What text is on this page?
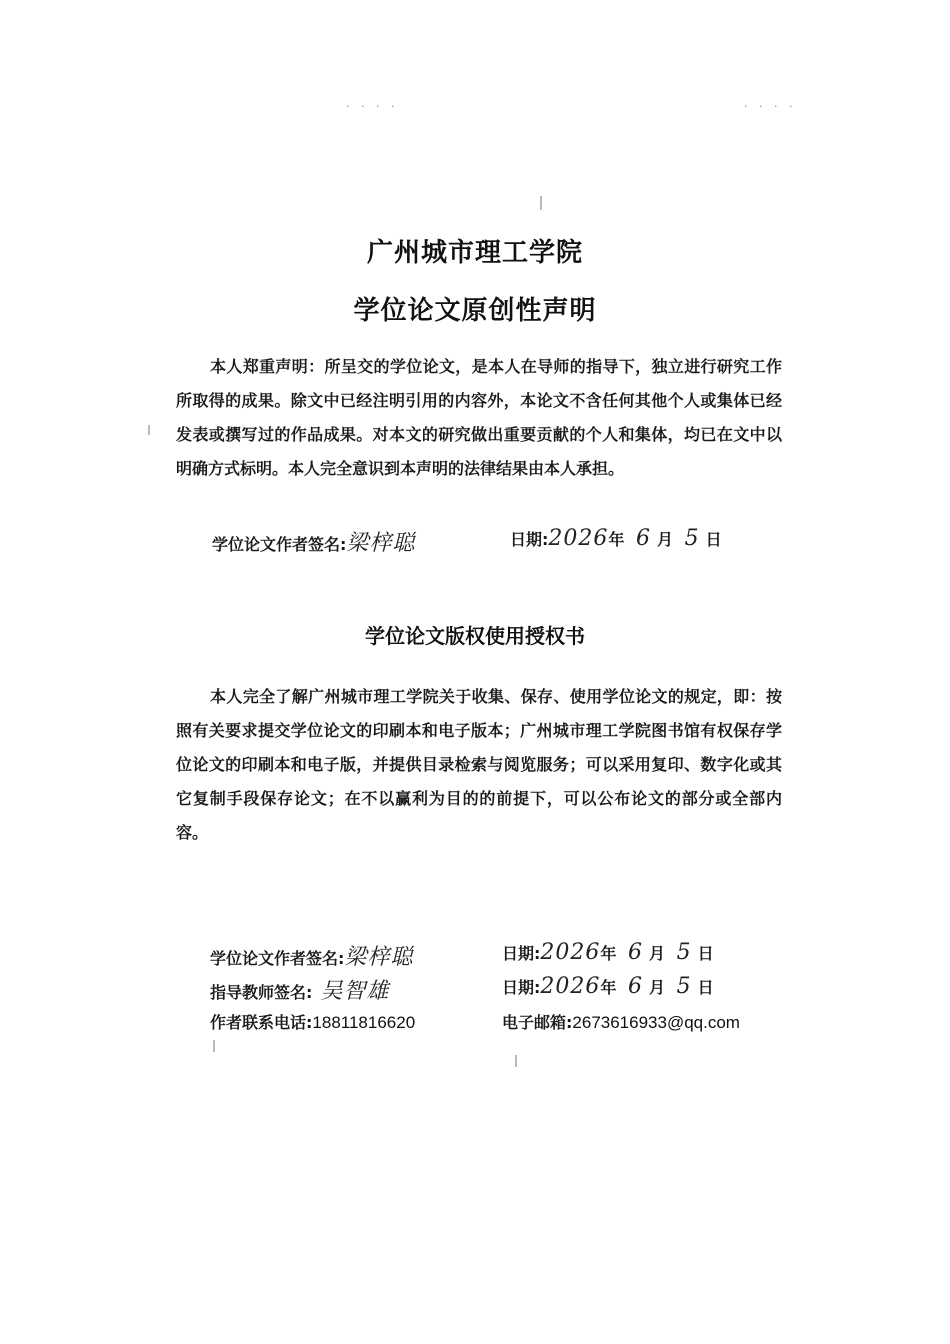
· · · ·	· · · ·
广州城市理工学院
学位论文原创性声明

本人郑重声明：所呈交的学位论文，是本人在导师的指导下，独立进行研究工作所取得的成果。除文中已经注明引用的内容外，本论文不含任何其他个人或集体已经发表或撰写过的作品成果。对本文的研究做出重要贡献的个人和集体，均已在文中以明确方式标明。本人完全意识到本声明的法律结果由本人承担。

学位论文作者签名:梁梓聪	日期:2026年 6 月 5 日
学位论文版权使用授权书

本人完全了解广州城市理工学院关于收集、保存、使用学位论文的规定，即：按照有关要求提交学位论文的印刷本和电子版本；广州城市理工学院图书馆有权保存学位论文的印刷本和电子版，并提供目录检索与阅览服务；可以采用复印、数字化或其它复制手段保存论文；在不以赢利为目的的前提下，可以公布论文的部分或全部内容。

学位论文作者签名:梁梓聪	日期:2026年 6 月 5 日
指导教师签名: 吴智雄	日期:2026年 6 月 5 日
作者联系电话:18811816620	电子邮箱:2673616933@qq.com
